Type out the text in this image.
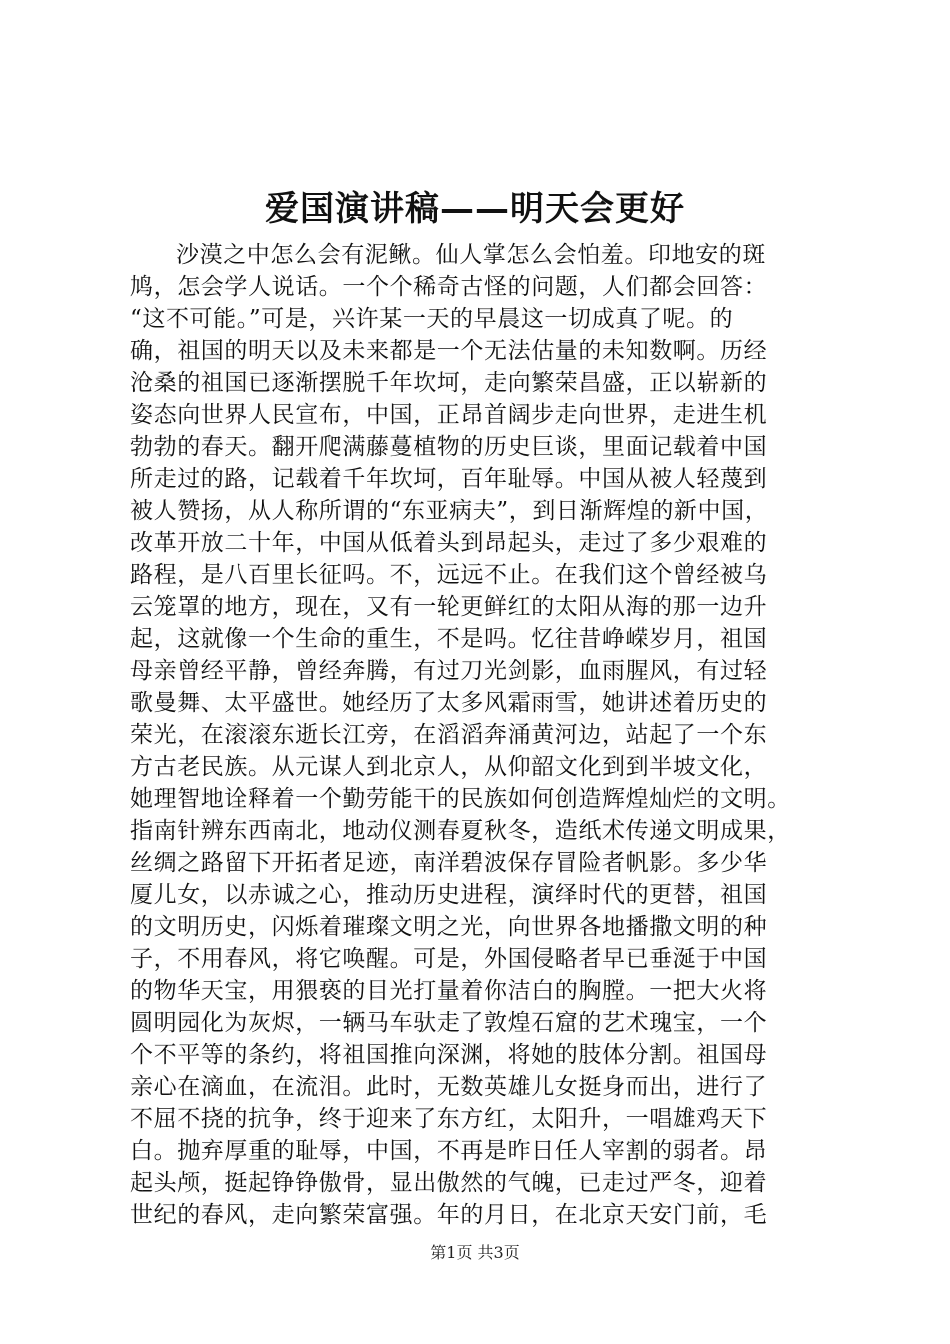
爱国演讲稿——明天会更好
沙漠之中怎么会有泥鳅。仙人掌怎么会怕羞。印地安的斑
鸠，怎会学人说话。一个个稀奇古怪的问题，人们都会回答：
“这不可能。”可是，兴许某一天的早晨这一切成真了呢。的
确，祖国的明天以及未来都是一个无法估量的未知数啊。历经
沧桑的祖国已逐渐摆脱千年坎坷，走向繁荣昌盛，正以崭新的
姿态向世界人民宣布，中国，正昂首阔步走向世界，走进生机
勃勃的春天。翻开爬满藤蔓植物的历史巨谈，里面记载着中国
所走过的路，记载着千年坎坷，百年耻辱。中国从被人轻蔑到
被人赞扬，从人称所谓的“东亚病夫”，到日渐辉煌的新中国，
改革开放二十年，中国从低着头到昂起头，走过了多少艰难的
路程，是八百里长征吗。不，远远不止。在我们这个曾经被乌
云笼罩的地方，现在，又有一轮更鲜红的太阳从海的那一边升
起，这就像一个生命的重生，不是吗。忆往昔峥嵘岁月，祖国
母亲曾经平静，曾经奔腾，有过刀光剑影，血雨腥风，有过轻
歌曼舞、太平盛世。她经历了太多风霜雨雪，她讲述着历史的
荣光，在滚滚东逝长江旁，在滔滔奔涌黄河边，站起了一个东
方古老民族。从元谋人到北京人，从仰韶文化到到半坡文化，
她理智地诠释着一个勤劳能干的民族如何创造辉煌灿烂的文明。
指南针辨东西南北，地动仪测春夏秋冬，造纸术传递文明成果，
丝绸之路留下开拓者足迹，南洋碧波保存冒险者帆影。多少华
厦儿女，以赤诚之心，推动历史进程，演绎时代的更替，祖国
的文明历史，闪烁着璀璨文明之光，向世界各地播撒文明的种
子，不用春风，将它唤醒。可是，外国侵略者早已垂涎于中国
的物华天宝，用猥亵的目光打量着你洁白的胸膛。一把大火将
圆明园化为灰烬，一辆马车驮走了敦煌石窟的艺术瑰宝，一个
个不平等的条约，将祖国推向深渊，将她的肢体分割。祖国母
亲心在滴血，在流泪。此时，无数英雄儿女挺身而出，进行了
不屈不挠的抗争，终于迎来了东方红，太阳升，一唱雄鸡天下
白。抛弃厚重的耻辱，中国，不再是昨日任人宰割的弱者。昂
起头颅，挺起铮铮傲骨，显出傲然的气魄，已走过严冬，迎着
世纪的春风，走向繁荣富强。年的月日，在北京天安门前，毛
第1页 共3页
